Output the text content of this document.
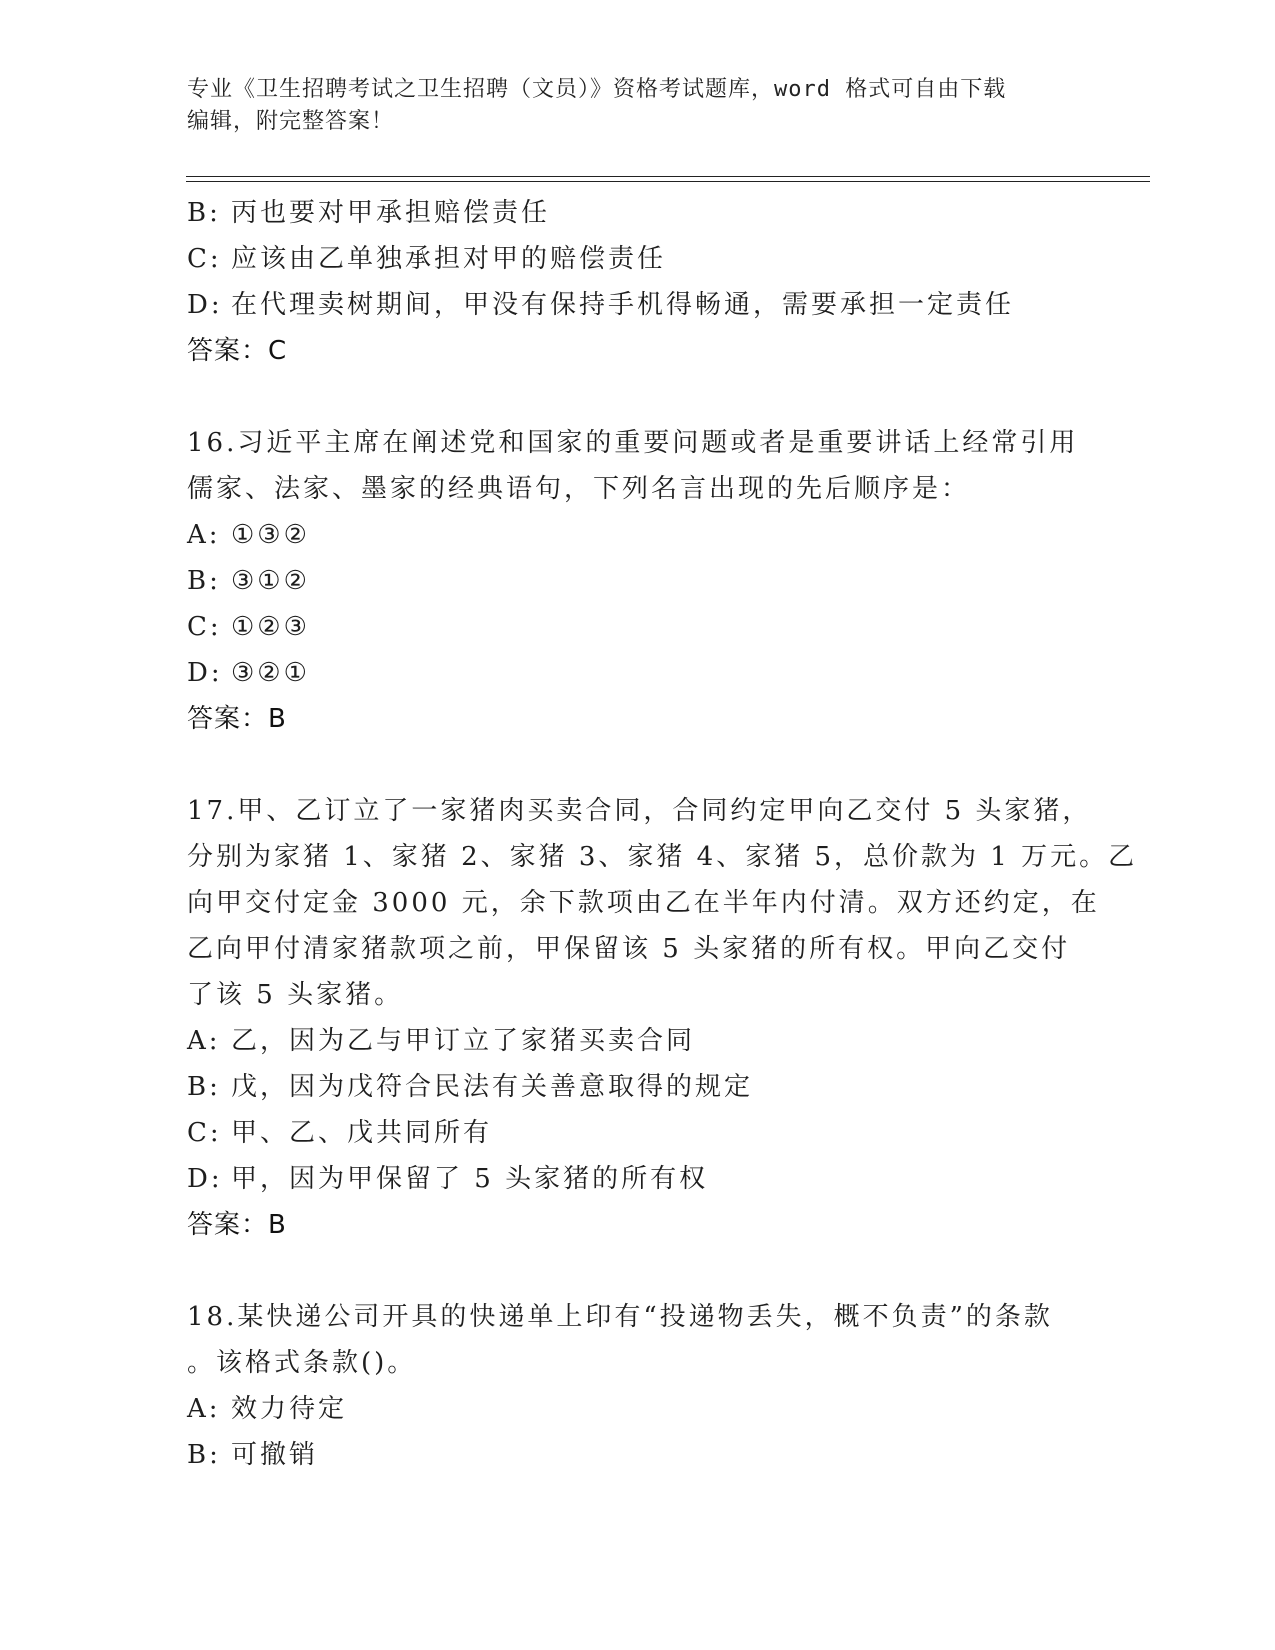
专业《卫生招聘考试之卫生招聘（文员）》资格考试题库，word 格式可自由下载
编辑，附完整答案！
B: 丙也要对甲承担赔偿责任
C: 应该由乙单独承担对甲的赔偿责任
D: 在代理卖树期间，甲没有保持手机得畅通，需要承担一定责任
答案：C
16.习近平主席在阐述党和国家的重要问题或者是重要讲话上经常引用
儒家、法家、墨家的经典语句，下列名言出现的先后顺序是：
A: ①③②
B: ③①②
C: ①②③
D: ③②①
答案：B
17.甲、乙订立了一家猪肉买卖合同，合同约定甲向乙交付 5 头家猪，
分别为家猪 1、家猪 2、家猪 3、家猪 4、家猪 5，总价款为 1 万元。乙
向甲交付定金 3000 元，余下款项由乙在半年内付清。双方还约定，在
乙向甲付清家猪款项之前，甲保留该 5 头家猪的所有权。甲向乙交付
了该 5 头家猪。
A: 乙，因为乙与甲订立了家猪买卖合同
B: 戊，因为戊符合民法有关善意取得的规定
C: 甲、乙、戊共同所有
D: 甲，因为甲保留了 5 头家猪的所有权
答案：B
18.某快递公司开具的快递单上印有“投递物丢失，概不负责”的条款
。该格式条款()。
A: 效力待定
B: 可撤销
